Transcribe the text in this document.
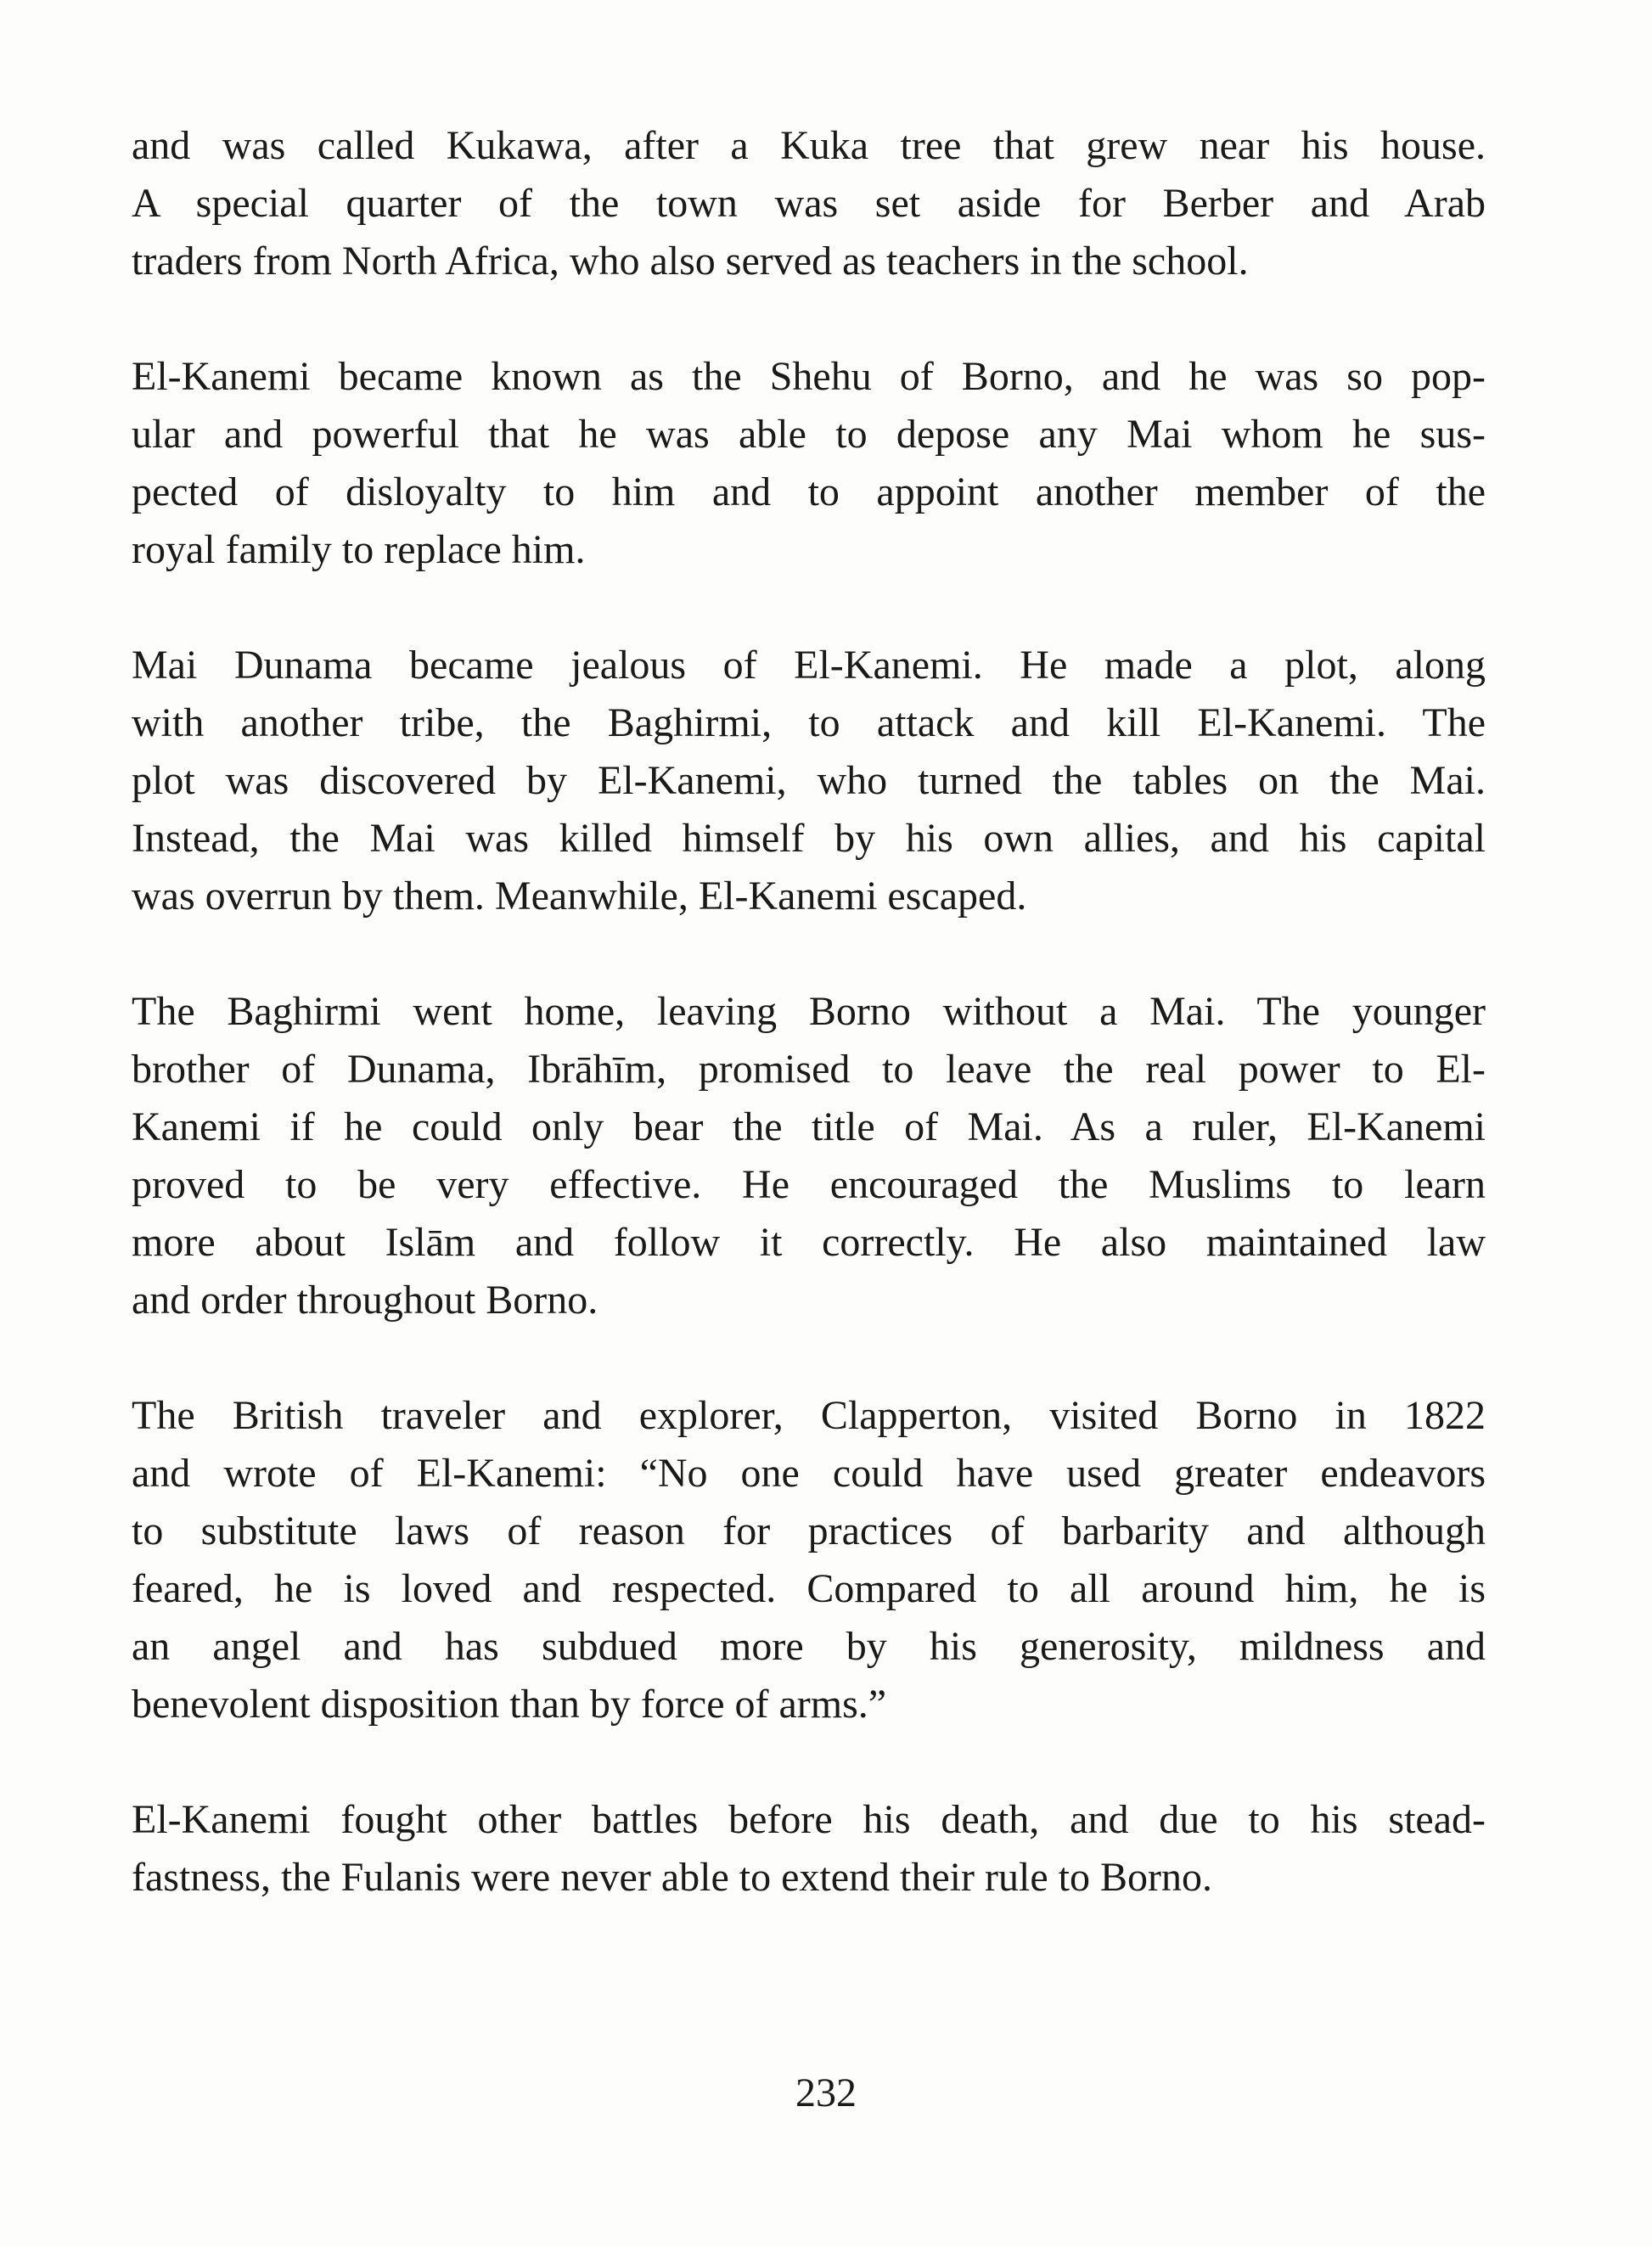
and was called Kukawa, after a Kuka tree that grew near his house.
A special quarter of the town was set aside for Berber and Arab
traders from North Africa, who also served as teachers in the school.

El-Kanemi became known as the Shehu of Borno, and he was so pop-
ular and powerful that he was able to depose any Mai whom he sus-
pected of disloyalty to him and to appoint another member of the
royal family to replace him.

Mai Dunama became jealous of El-Kanemi. He made a plot, along
with another tribe, the Baghirmi, to attack and kill El-Kanemi. The
plot was discovered by El-Kanemi, who turned the tables on the Mai.
Instead, the Mai was killed himself by his own allies, and his capital
was overrun by them. Meanwhile, El-Kanemi escaped.

The Baghirmi went home, leaving Borno without a Mai. The younger
brother of Dunama, Ibrāhīm, promised to leave the real power to El-
Kanemi if he could only bear the title of Mai. As a ruler, El-Kanemi
proved to be very effective. He encouraged the Muslims to learn
more about Islām and follow it correctly. He also maintained law
and order throughout Borno.

The British traveler and explorer, Clapperton, visited Borno in 1822
and wrote of El-Kanemi: “No one could have used greater endeavors
to substitute laws of reason for practices of barbarity and although
feared, he is loved and respected. Compared to all around him, he is
an angel and has subdued more by his generosity, mildness and
benevolent disposition than by force of arms.”

El-Kanemi fought other battles before his death, and due to his stead-
fastness, the Fulanis were never able to extend their rule to Borno.

232
